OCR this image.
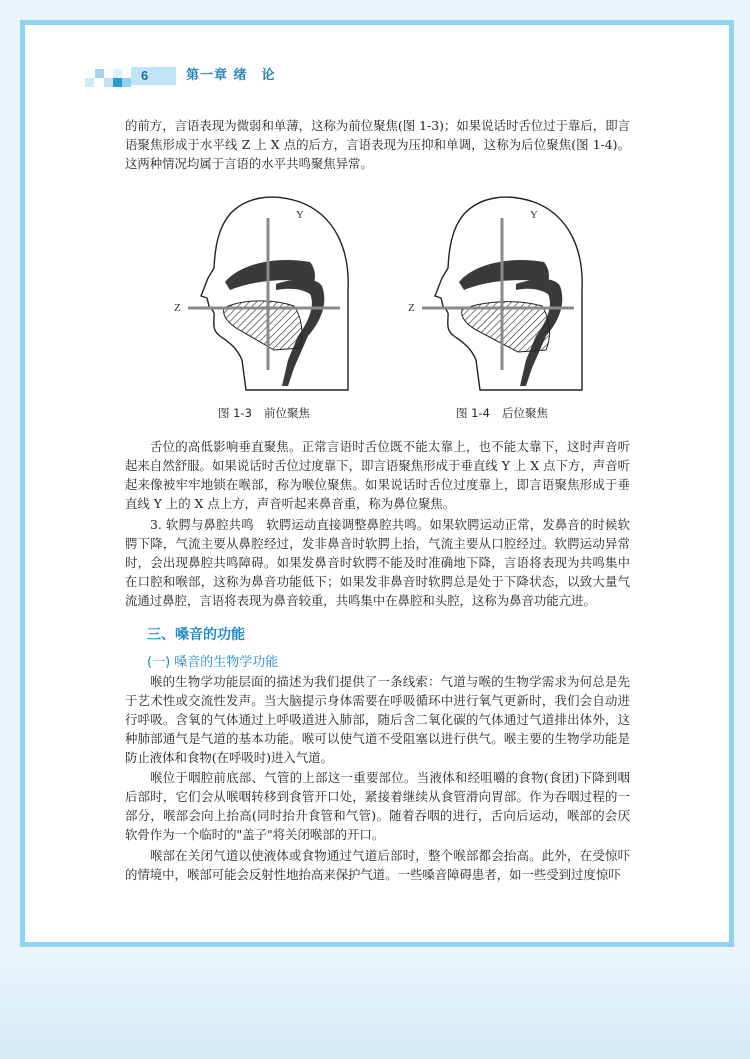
6	第一章 绪　论

的前方，言语表现为微弱和单薄，这称为前位聚焦(图 1-3)；如果说话时舌位过于靠后，即言语聚焦形成于水平线 Z 上 X 点的后方，言语表现为压抑和单调，这称为后位聚焦(图 1-4)。这两种情况均属于言语的水平共鸣聚焦异常。

Y
Z
图 1-3 前位聚焦
Y
Z
图 1-4 后位聚焦

舌位的高低影响垂直聚焦。正常言语时舌位既不能太靠上，也不能太靠下，这时声音听起来自然舒服。如果说话时舌位过度靠下，即言语聚焦形成于垂直线 Y 上 X 点下方，声音听起来像被牢牢地锁在喉部，称为喉位聚焦。如果说话时舌位过度靠上，即言语聚焦形成于垂直线 Y 上的 X 点上方，声音听起来鼻音重，称为鼻位聚焦。

3. 软腭与鼻腔共鸣　软腭运动直接调整鼻腔共鸣。如果软腭运动正常，发鼻音的时候软腭下降，气流主要从鼻腔经过，发非鼻音时软腭上抬，气流主要从口腔经过。软腭运动异常时，会出现鼻腔共鸣障碍。如果发鼻音时软腭不能及时准确地下降，言语将表现为共鸣集中在口腔和喉部，这称为鼻音功能低下；如果发非鼻音时软腭总是处于下降状态，以致大量气流通过鼻腔，言语将表现为鼻音较重，共鸣集中在鼻腔和头腔，这称为鼻音功能亢进。

三、嗓音的功能
(一) 嗓音的生物学功能

喉的生物学功能层面的描述为我们提供了一条线索：气道与喉的生物学需求为何总是先于艺术性或交流性发声。当大脑提示身体需要在呼吸循环中进行氧气更新时，我们会自动进行呼吸。含氧的气体通过上呼吸道进入肺部，随后含二氧化碳的气体通过气道排出体外，这种肺部通气是气道的基本功能。喉可以使气道不受阻塞以进行供气。喉主要的生物学功能是防止液体和食物(在呼吸时)进入气道。

喉位于咽腔前底部、气管的上部这一重要部位。当液体和经咀嚼的食物(食团)下降到咽后部时，它们会从喉咽转移到食管开口处，紧接着继续从食管滑向胃部。作为吞咽过程的一部分，喉部会向上抬高(同时抬升食管和气管)。随着吞咽的进行，舌向后运动，喉部的会厌软骨作为一个临时的"盖子"将关闭喉部的开口。

喉部在关闭气道以使液体或食物通过气道后部时，整个喉部都会抬高。此外，在受惊吓的情境中，喉部可能会反射性地抬高来保护气道。一些嗓音障碍患者，如一些受到过度惊吓
